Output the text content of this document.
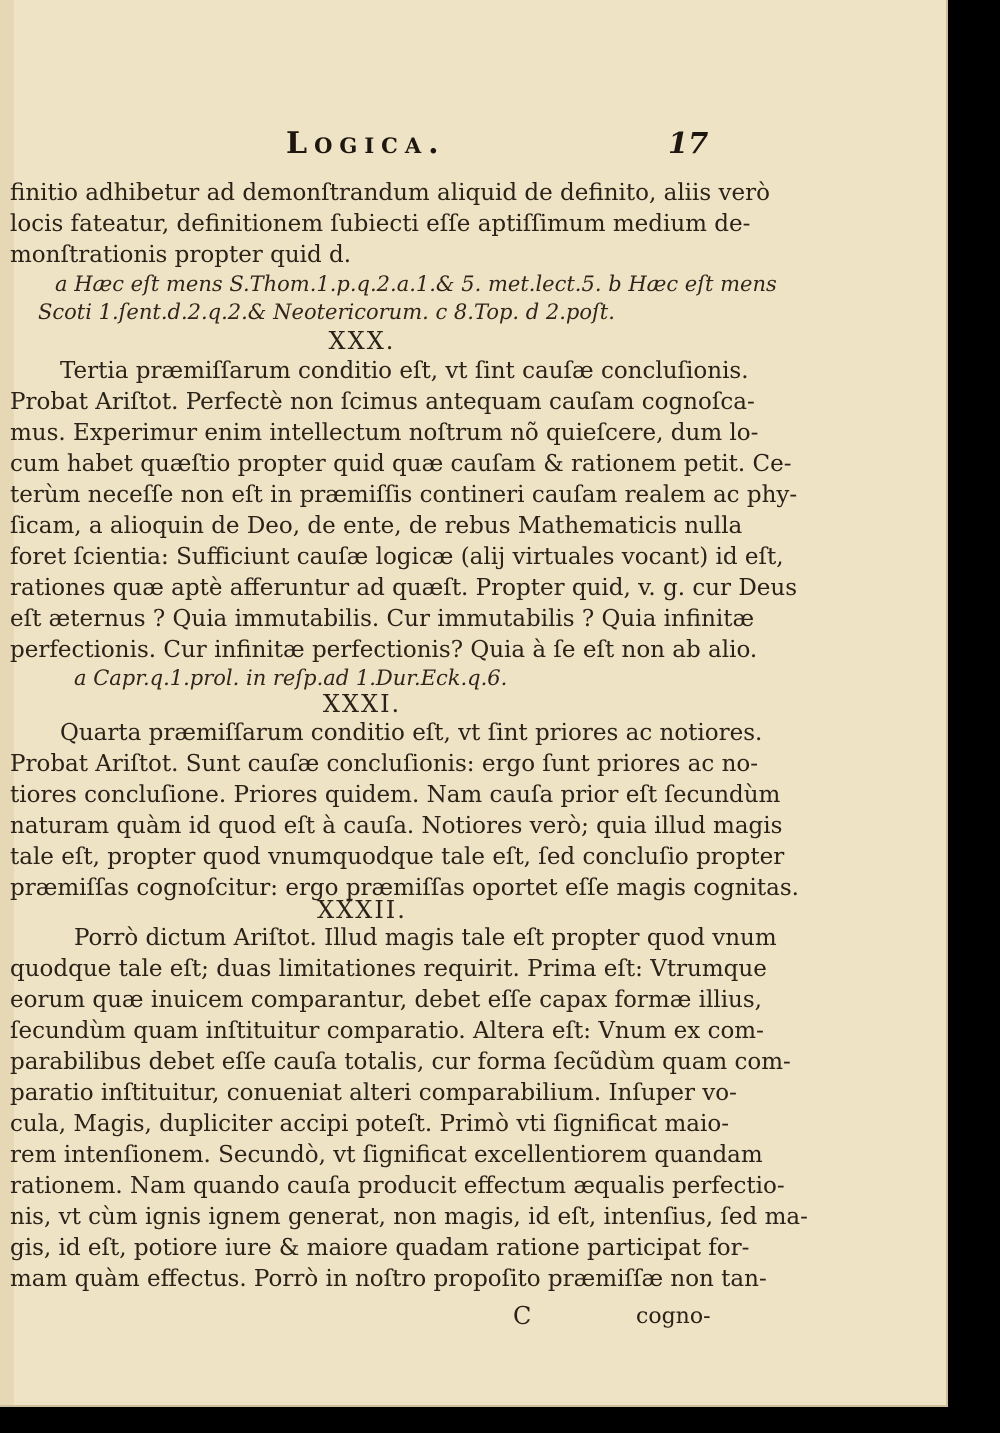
Logica.	17
finitio adhibetur ad demonſtrandum aliquid de definito, aliis verò
locis fateatur, definitionem ſubiecti eſſe aptiſſimum medium de-
monſtrationis propter quid d.
a Hæc eſt mens S.Thom.1.p.q.2.a.1.& 5. met.lect.5. b Hæc eſt mens
Scoti 1.ſent.d.2.q.2.& Neotericorum. c 8.Top. d 2.poſt.
XXX.
Tertia præmiſſarum conditio eſt, vt ſint cauſæ concluſionis.
Probat Ariſtot. Perfectè non ſcimus antequam cauſam cognoſca-
mus. Experimur enim intellectum noſtrum nõ quieſcere, dum lo-
cum habet quæſtio propter quid quæ cauſam & rationem petit. Ce-
terùm neceſſe non eſt in præmiſſis contineri cauſam realem ac phy-
ſicam, a alioquin de Deo, de ente, de rebus Mathematicis nulla
foret ſcientia: Sufficiunt cauſæ logicæ (alij virtuales vocant) id eſt,
rationes quæ aptè afferuntur ad quæſt. Propter quid, v. g. cur Deus
eſt æternus ? Quia immutabilis. Cur immutabilis ? Quia infinitæ
perfectionis. Cur infinitæ perfectionis? Quia à ſe eſt non ab alio.
a Capr.q.1.prol. in reſp.ad 1.Dur.Eck.q.6.
XXXI.
Quarta præmiſſarum conditio eſt, vt ſint priores ac notiores.
Probat Ariſtot. Sunt cauſæ concluſionis: ergo ſunt priores ac no-
tiores concluſione. Priores quidem. Nam cauſa prior eſt ſecundùm
naturam quàm id quod eſt à cauſa. Notiores verò; quia illud magis
tale eſt, propter quod vnumquodque tale eſt, ſed concluſio propter
præmiſſas cognoſcitur: ergo præmiſſas oportet eſſe magis cognitas.
XXXII.
Porrò dictum Ariſtot. Illud magis tale eſt propter quod vnum
quodque tale eſt; duas limitationes requirit. Prima eſt: Vtrumque
eorum quæ inuicem comparantur, debet eſſe capax formæ illius,
ſecundùm quam inſtituitur comparatio. Altera eſt: Vnum ex com-
parabilibus debet eſſe cauſa totalis, cur forma ſecũdùm quam com-
paratio inſtituitur, conueniat alteri comparabilium. Inſuper vo-
cula, Magis, dupliciter accipi poteſt. Primò vti ſignificat maio-
rem intenſionem. Secundò, vt ſignificat excellentiorem quandam
rationem. Nam quando cauſa producit effectum æqualis perfectio-
nis, vt cùm ignis ignem generat, non magis, id eſt, intenſius, ſed ma-
gis, id eſt, potiore iure & maiore quadam ratione participat for-
mam quàm effectus. Porrò in noſtro propoſito præmiſſæ non tan-
C	cogno-
